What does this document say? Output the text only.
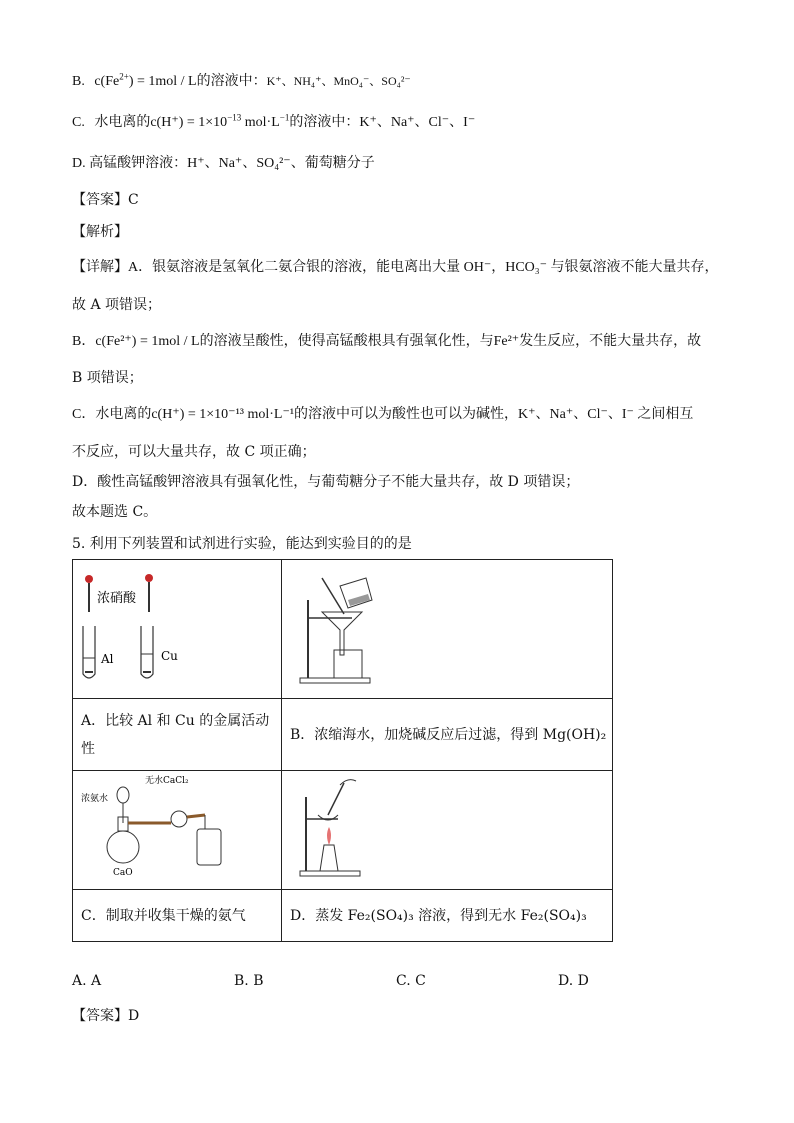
B. $c(Fe^{2+}) = 1mol / L$的溶液中：K⁺、NH₄⁺、MnO₄⁻、SO₄²⁻
C. 水电离的$c(H^+) = 1\times 10^{-13}$ $mol\cdot L^{-1}$的溶液中：K⁺、Na⁺、Cl⁻、I⁻
D. 高锰酸钾溶液：H⁺、Na⁺、SO₄²⁻、葡萄糖分子
【答案】C
【解析】
【详解】A．银氨溶液是氢氧化二氨合银的溶液，能电离出大量 OH⁻，HCO₃⁻ 与银氨溶液不能大量共存，
故 A 项错误；
B．c(Fe²⁺) = 1mol / L的溶液呈酸性，使得高锰酸根具有强氧化性，与Fe²⁺发生反应，不能大量共存，故
B 项错误；
C．水电离的c(H⁺) = 1×10⁻¹³ mol·L⁻¹的溶液中可以为酸性也可以为碱性，K⁺、Na⁺、Cl⁻、I⁻ 之间相互
不反应，可以大量共存，故 C 项正确；
D．酸性高锰酸钾溶液具有强氧化性，与葡萄糖分子不能大量共存，故 D 项错误；
故本题选 C。
5. 利用下列装置和试剂进行实验，能达到实验目的的是
浓硝酸
Al Cu

A．比较 Al 和 Cu 的金属活动
性	B．浓缩海水，加烧碱反应后过滤，得到 Mg(OH)₂

浓氨水
无水CaCl₂
CaO

C．制取并收集干燥的氨气	D．蒸发 Fe₂(SO₄)₃ 溶液，得到无水 Fe₂(SO₄)₃
A. A	B. B	C. C	D. D
【答案】D
